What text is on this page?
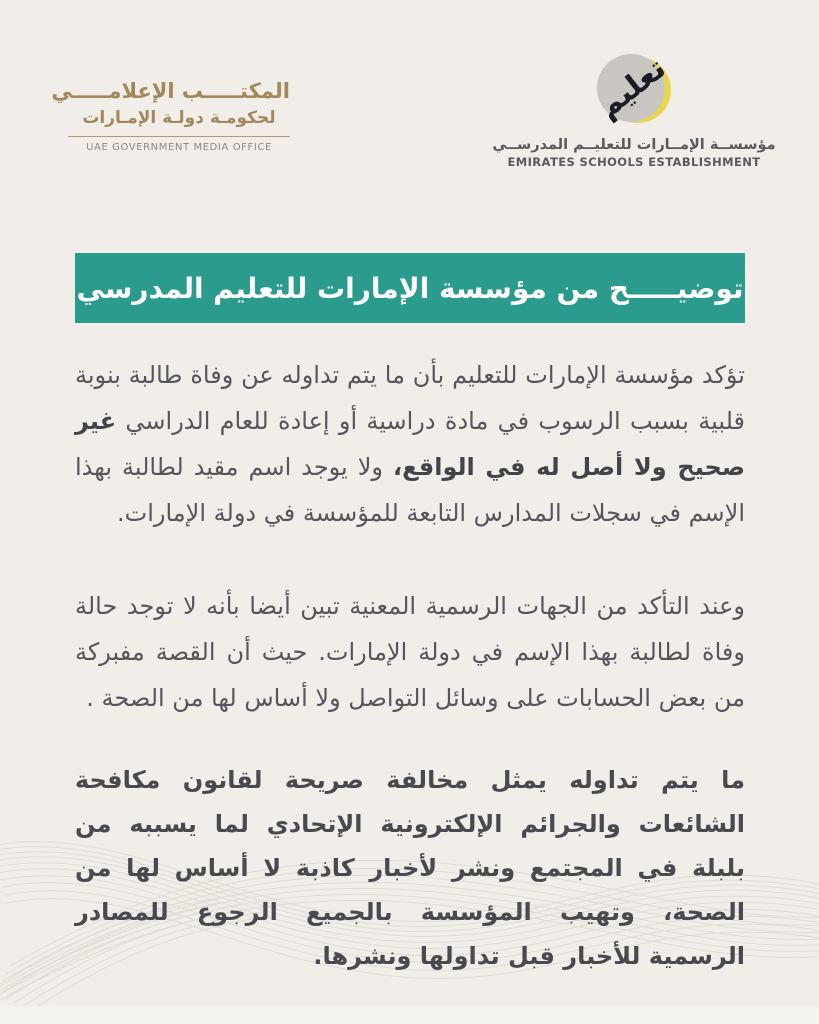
المكتـــــب الإعلامـــــي
لحكومـة دولـة الإمـارات
UAE GOVERNMENT MEDIA OFFICE
تعليم
مؤسســة الإمــارات للتعليــم المدرســي
EMIRATES SCHOOLS ESTABLISHMENT
توضيـــــح من مؤسسة الإمارات للتعليم المدرسي

تؤكد مؤسسة الإمارات للتعليم بأن ما يتم تداوله عن وفاة طالبة بنوبة قلبية بسبب الرسوب في مادة دراسية أو إعادة للعام الدراسي غير صحيح ولا أصل له في الواقع، ولا يوجد اسم مقيد لطالبة بهذا الإسم في سجلات المدارس التابعة للمؤسسة في دولة الإمارات.

وعند التأكد من الجهات الرسمية المعنية تبين أيضا بأنه لا توجد حالة وفاة لطالبة بهذا الإسم في دولة الإمارات. حيث أن القصة مفبركة من بعض الحسابات على وسائل التواصل ولا أساس لها من الصحة .

ما يتم تداوله يمثل مخالفة صريحة لقانون مكافحة الشائعات والجرائم الإلكترونية الإتحادي لما يسببه من بلبلة في المجتمع ونشر لأخبار كاذبة لا أساس لها من الصحة، وتهيب المؤسسة بالجميع الرجوع للمصادر الرسمية للأخبار قبل تداولها ونشرها.
